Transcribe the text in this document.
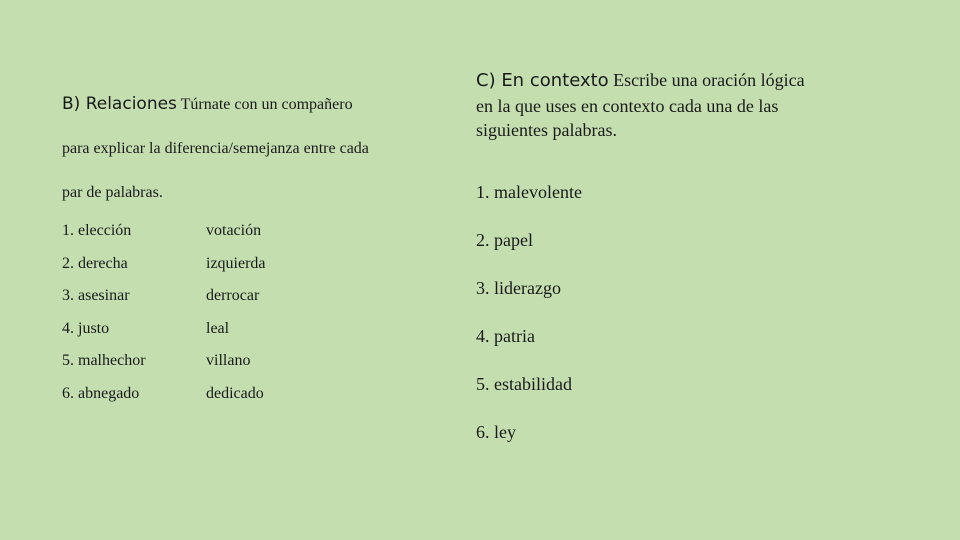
B) Relaciones Túrnate con un compañero
para explicar la diferencia/semejanza entre cada
par de palabras.

1. elección	votación
2. derecha	izquierda
3. asesinar	derrocar
4. justo	leal
5. malhechor	villano
6. abnegado	dedicado

C) En contexto Escribe una oración lógica
en la que uses en contexto cada una de las
siguientes palabras.

1. malevolente
2. papel
3. liderazgo
4. patria
5. estabilidad
6. ley
